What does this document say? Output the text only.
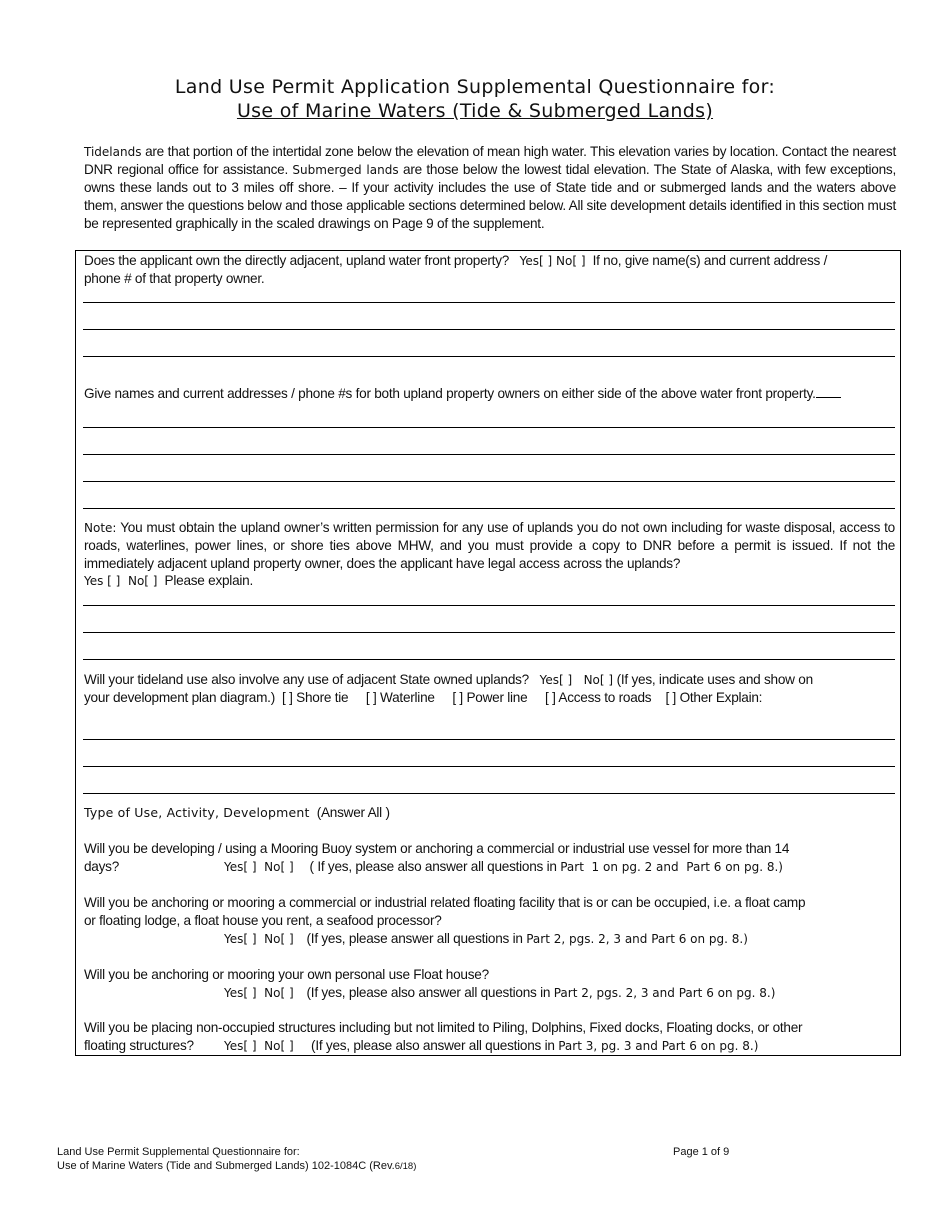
Land Use Permit Application Supplemental Questionnaire for:
Use of Marine Waters (Tide & Submerged Lands)
Tidelands are that portion of the intertidal zone below the elevation of mean high water. This elevation varies by location. Contact the nearest DNR regional office for assistance. Submerged lands are those below the lowest tidal elevation. The State of Alaska, with few exceptions, owns these lands out to 3 miles off shore. – If your activity includes the use of State tide and or submerged lands and the waters above them, answer the questions below and those applicable sections determined below. All site development details identified in this section must be represented graphically in the scaled drawings on Page 9 of the supplement.
Does the applicant own the directly adjacent, upland water front property?   Yes[ ] No[ ]  If no, give name(s) and current address /
phone # of that property owner.
Give names and current addresses / phone #s for both upland property owners on either side of the above water front property.
Note: You must obtain the upland owner’s written permission for any use of uplands you do not own including for waste disposal, access to roads, waterlines, power lines, or shore ties above MHW, and you must provide a copy to DNR before a permit is issued. If not the immediately adjacent upland property owner, does the applicant have legal access across the uplands?
Yes [ ]  No[ ]  Please explain.
Will your tideland use also involve any use of adjacent State owned uplands?   Yes[ ]   No[ ] (If yes, indicate uses and show on
your development plan diagram.)  [ ] Shore tie     [ ] Waterline     [ ] Power line     [ ] Access to roads    [ ] Other Explain:
Type of Use, Activity, Development  (Answer All )
Will you be developing / using a Mooring Buoy system or anchoring a commercial or industrial use vessel for more than 14
days?	Yes[ ]  No[ ] ( If yes, please also answer all questions in Part  1 on pg. 2 and  Part 6 on pg. 8.)
Will you be anchoring or mooring a commercial or industrial related floating facility that is or can be occupied, i.e. a float camp
or floating lodge, a float house you rent, a seafood processor?
Yes[ ]  No[ ] (If yes, please answer all questions in Part 2, pgs. 2, 3 and Part 6 on pg. 8.)
Will you be anchoring or mooring your own personal use Float house?
Yes[ ]  No[ ] (If yes, please also answer all questions in Part 2, pgs. 2, 3 and Part 6 on pg. 8.)
Will you be placing non-occupied structures including but not limited to Piling, Dolphins, Fixed docks, Floating docks, or other
floating structures?	Yes[ ]  No[ ] (If yes, please also answer all questions in Part 3, pg. 3 and Part 6 on pg. 8.)
Land Use Permit Supplemental Questionnaire for:
Use of Marine Waters (Tide and Submerged Lands) 102-1084C (Rev.6/18)
Page 1 of 9
